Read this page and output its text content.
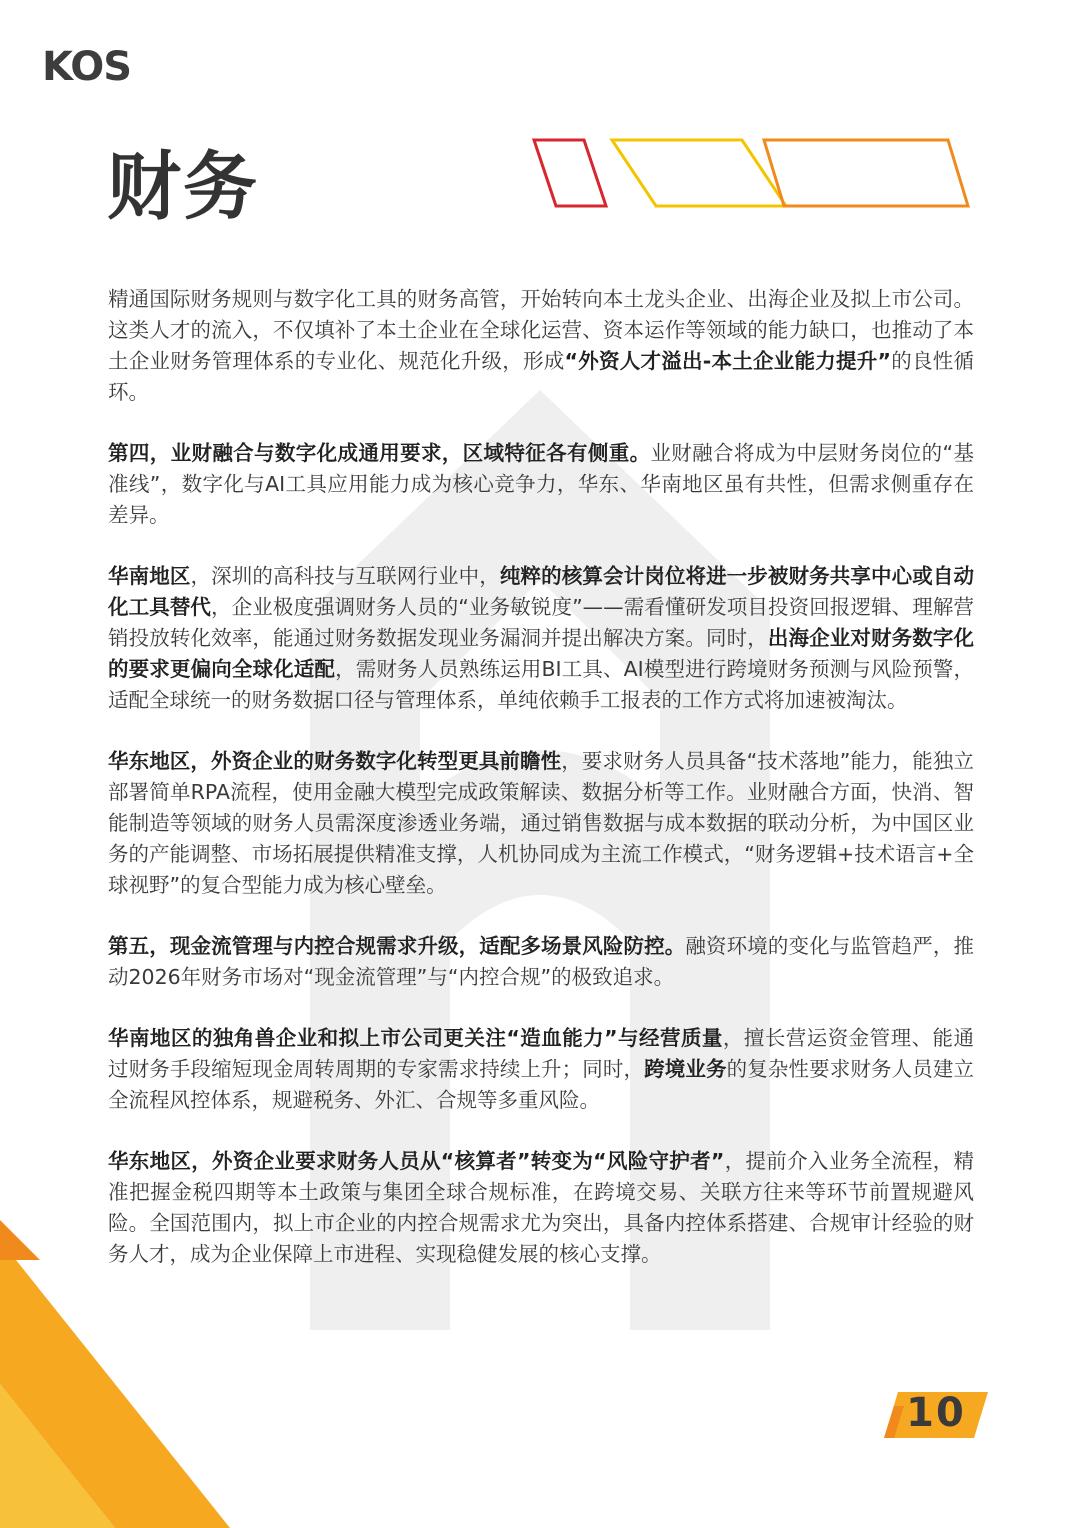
KOS
财务

精通国际财务规则与数字化工具的财务高管，开始转向本土龙头企业、出海企业及拟上市公司。这类人才的流入，不仅填补了本土企业在全球化运营、资本运作等领域的能力缺口，也推动了本土企业财务管理体系的专业化、规范化升级，形成“外资人才溢出-本土企业能力提升”的良性循环。

第四，业财融合与数字化成通用要求，区域特征各有侧重。业财融合将成为中层财务岗位的“基准线”，数字化与AI工具应用能力成为核心竞争力，华东、华南地区虽有共性，但需求侧重存在差异。

华南地区，深圳的高科技与互联网行业中，纯粹的核算会计岗位将进一步被财务共享中心或自动化工具替代，企业极度强调财务人员的“业务敏锐度”——需看懂研发项目投资回报逻辑、理解营销投放转化效率，能通过财务数据发现业务漏洞并提出解决方案。同时，出海企业对财务数字化的要求更偏向全球化适配，需财务人员熟练运用BI工具、AI模型进行跨境财务预测与风险预警，适配全球统一的财务数据口径与管理体系，单纯依赖手工报表的工作方式将加速被淘汰。

华东地区，外资企业的财务数字化转型更具前瞻性，要求财务人员具备“技术落地”能力，能独立部署简单RPA流程，使用金融大模型完成政策解读、数据分析等工作。业财融合方面，快消、智能制造等领域的财务人员需深度渗透业务端，通过销售数据与成本数据的联动分析，为中国区业务的产能调整、市场拓展提供精准支撑，人机协同成为主流工作模式，“财务逻辑+技术语言+全球视野”的复合型能力成为核心壁垒。

第五，现金流管理与内控合规需求升级，适配多场景风险防控。融资环境的变化与监管趋严，推动2026年财务市场对“现金流管理”与“内控合规”的极致追求。

华南地区的独角兽企业和拟上市公司更关注“造血能力”与经营质量，擅长营运资金管理、能通过财务手段缩短现金周转周期的专家需求持续上升；同时，跨境业务的复杂性要求财务人员建立全流程风控体系，规避税务、外汇、合规等多重风险。

华东地区，外资企业要求财务人员从“核算者”转变为“风险守护者”，提前介入业务全流程，精准把握金税四期等本土政策与集团全球合规标准，在跨境交易、关联方往来等环节前置规避风险。全国范围内，拟上市企业的内控合规需求尤为突出，具备内控体系搭建、合规审计经验的财务人才，成为企业保障上市进程、实现稳健发展的核心支撑。

10
